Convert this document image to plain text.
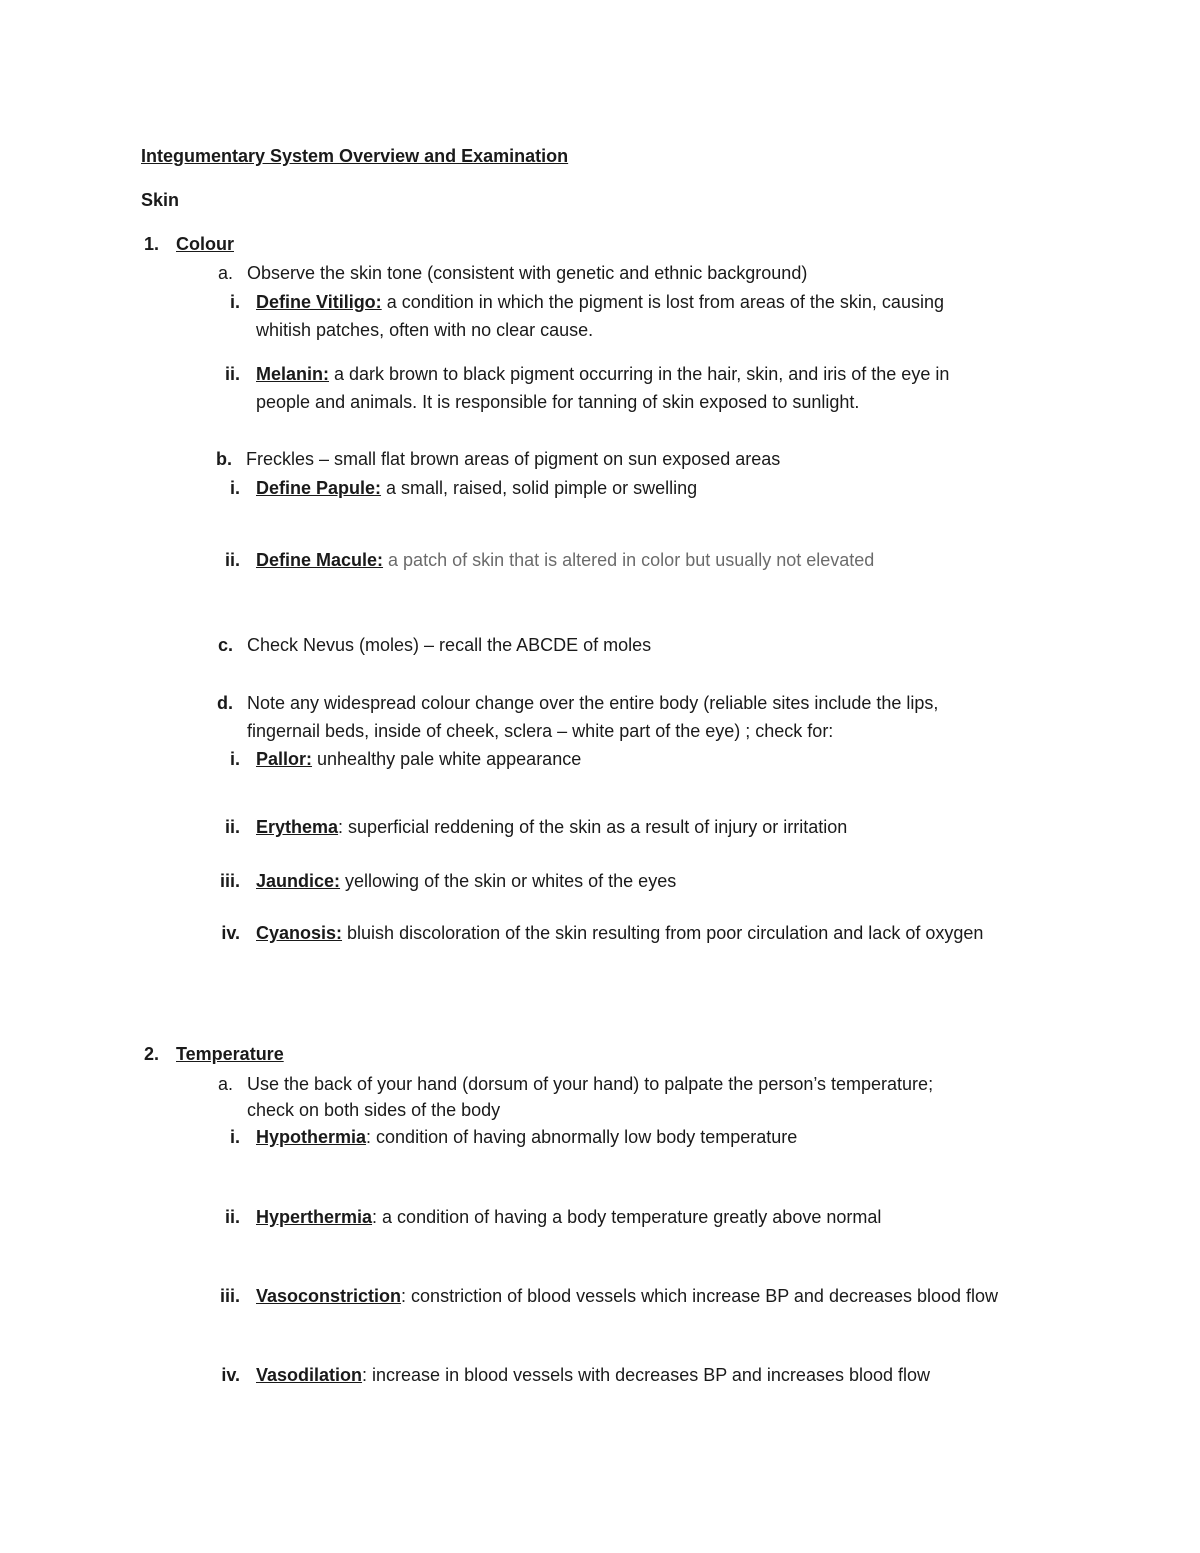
Integumentary System Overview and Examination
Skin
1. Colour
a. Observe the skin tone (consistent with genetic and ethnic background)
i. Define Vitiligo: a condition in which the pigment is lost from areas of the skin, causing
whitish patches, often with no clear cause.
ii. Melanin: a dark brown to black pigment occurring in the hair, skin, and iris of the eye in
people and animals. It is responsible for tanning of skin exposed to sunlight.
b. Freckles – small flat brown areas of pigment on sun exposed areas
i. Define Papule: a small, raised, solid pimple or swelling
ii. Define Macule: a patch of skin that is altered in color but usually not elevated
c. Check Nevus (moles) – recall the ABCDE of moles
d. Note any widespread colour change over the entire body (reliable sites include the lips,
fingernail beds, inside of cheek, sclera – white part of the eye) ; check for:
i. Pallor: unhealthy pale white appearance
ii. Erythema: superficial reddening of the skin as a result of injury or irritation
iii. Jaundice: yellowing of the skin or whites of the eyes
iv. Cyanosis: bluish discoloration of the skin resulting from poor circulation and lack of oxygen
2. Temperature
a. Use the back of your hand (dorsum of your hand) to palpate the person’s temperature;
check on both sides of the body
i. Hypothermia: condition of having abnormally low body temperature
ii. Hyperthermia: a condition of having a body temperature greatly above normal
iii. Vasoconstriction: constriction of blood vessels which increase BP and decreases blood flow
iv. Vasodilation: increase in blood vessels with decreases BP and increases blood flow
